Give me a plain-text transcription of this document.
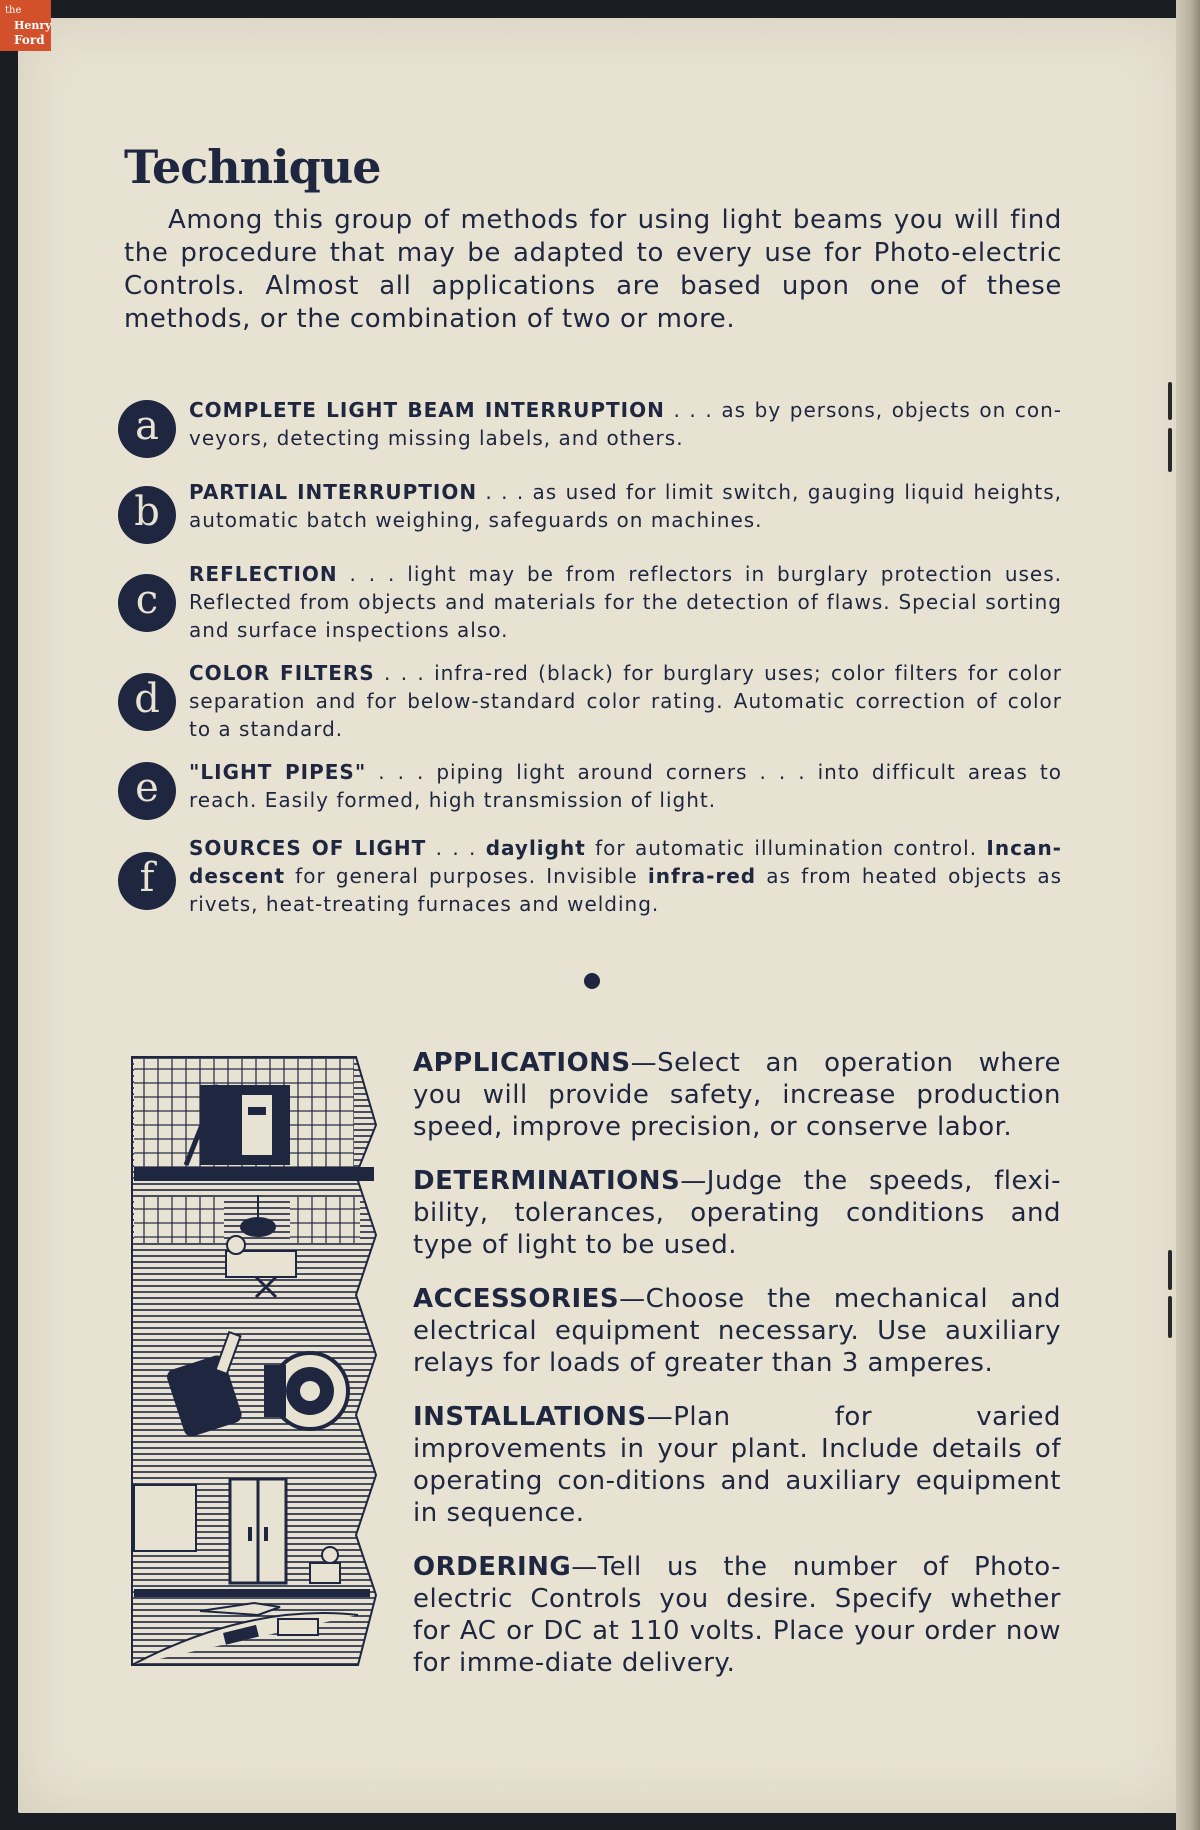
the
Henry
Ford
Technique

Among this group of methods for using light beams you will find the procedure that may be adapted to every use for Photo-electric Controls. Almost all applications are based upon one of these methods, or the combination of two or more.

a	COMPLETE LIGHT BEAM INTERRUPTION . . . as by persons, objects on con-veyors, detecting missing labels, and others.

b	PARTIAL INTERRUPTION . . . as used for limit switch, gauging liquid heights, automatic batch weighing, safeguards on machines.

c

REFLECTION . . . light may be from reflectors in burglary protection uses. Reflected from objects and materials for the detection of flaws. Special sorting and surface inspections also.

d

COLOR FILTERS . . . infra-red (black) for burglary uses; color filters for color separation and for below-standard color rating. Automatic correction of color to a standard.

e	"LIGHT PIPES" . . . piping light around corners . . . into difficult areas to reach. Easily formed, high transmission of light.

f

SOURCES OF LIGHT . . . daylight for automatic illumination control. Incan-descent for general purposes. Invisible infra-red as from heated objects as rivets, heat-treating furnaces and welding.

APPLICATIONS—Select an operation where you will provide safety, increase production speed, improve precision, or conserve labor.

DETERMINATIONS—Judge the speeds, flexi-bility, tolerances, operating conditions and type of light to be used.

ACCESSORIES—Choose the mechanical and electrical equipment necessary. Use auxiliary relays for loads of greater than 3 amperes.

INSTALLATIONS—Plan for varied improvements in your plant. Include details of operating con-ditions and auxiliary equipment in sequence.

ORDERING—Tell us the number of Photo-electric Controls you desire. Specify whether for AC or DC at 110 volts. Place your order now for imme-diate delivery.
